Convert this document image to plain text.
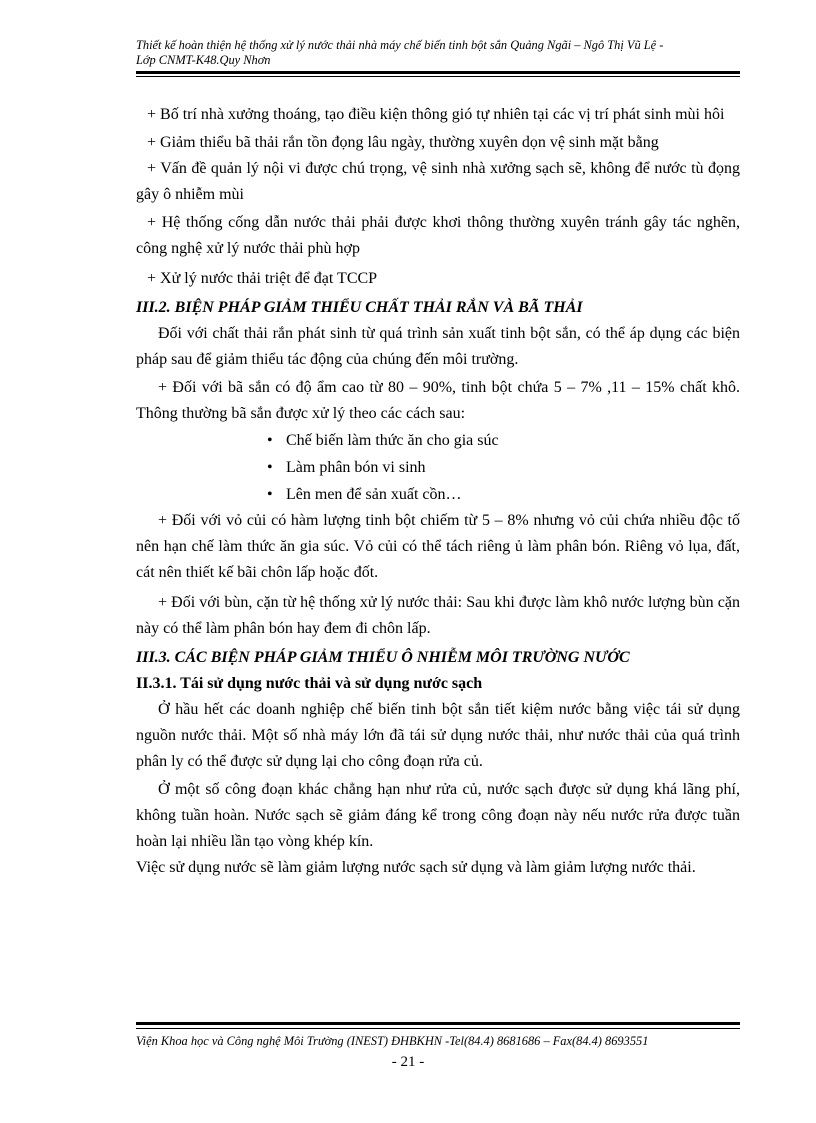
Thiết kế hoàn thiện hệ thống xử lý nước thải nhà máy chế biến tinh bột sắn Quảng Ngãi – Ngô Thị Vũ Lệ -
Lớp CNMT-K48.Quy Nhơn

+ Bố trí nhà xưởng thoáng, tạo điều kiện thông gió tự nhiên tại các vị trí phát sinh mùi hôi

+ Giảm thiểu bã thải rắn tồn đọng lâu ngày, thường xuyên dọn vệ sinh mặt bằng

+ Vấn đề quản lý nội vi được chú trọng, vệ sinh nhà xưởng sạch sẽ, không để nước tù đọng gây ô nhiễm mùi

+ Hệ thống cống dẫn nước thải phải được khơi thông thường xuyên tránh gây tác nghẽn, công nghệ xử lý nước thải phù hợp

+ Xử lý nước thải triệt để đạt TCCP

III.2. BIỆN PHÁP GIẢM THIỂU CHẤT THẢI RẮN VÀ BÃ THẢI

Đối với chất thải rắn phát sinh từ quá trình sản xuất tinh bột sắn, có thể áp dụng các biện pháp sau để giảm thiểu tác động của chúng đến môi trường.

+ Đối với bã sắn có độ ẩm cao từ 80 – 90%, tinh bột chứa 5 – 7% ,11 – 15% chất khô. Thông thường bã sắn được xử lý theo các cách sau:

• Chế biến làm thức ăn cho gia súc

• Làm phân bón vi sinh

• Lên men để sản xuất cồn…

+ Đối với vỏ củi có hàm lượng tinh bột chiếm từ 5 – 8% nhưng vỏ củi chứa nhiều độc tố nên hạn chế làm thức ăn gia súc. Vỏ củi có thể tách riêng ủ làm phân bón. Riêng vỏ lụa, đất, cát nên thiết kế bãi chôn lấp hoặc đốt.

+ Đối với bùn, cặn từ hệ thống xử lý nước thải: Sau khi được làm khô nước lượng bùn cặn này có thể làm phân bón hay đem đi chôn lấp.

III.3. CÁC BIỆN PHÁP GIẢM THIỂU Ô NHIỄM MÔI TRƯỜNG NƯỚC

II.3.1. Tái sử dụng nước thải và sử dụng nước sạch

Ở hầu hết các doanh nghiệp chế biến tinh bột sắn tiết kiệm nước bằng việc tái sử dụng nguồn nước thải. Một số nhà máy lớn đã tái sử dụng nước thải, như nước thải của quá trình phân ly có thể được sử dụng lại cho công đoạn rửa củ.

Ở một số công đoạn khác chẳng hạn như rửa củ, nước sạch được sử dụng khá lãng phí, không tuần hoàn. Nước sạch sẽ giảm đáng kể trong công đoạn này nếu nước rửa được tuần hoàn lại nhiều lần tạo vòng khép kín.

Việc sử dụng nước sẽ làm giảm lượng nước sạch sử dụng và làm giảm lượng nước thải.

Viện Khoa học và Công nghệ Môi Trường (INEST) ĐHBKHN -Tel(84.4) 8681686 – Fax(84.4) 8693551
- 21 -
